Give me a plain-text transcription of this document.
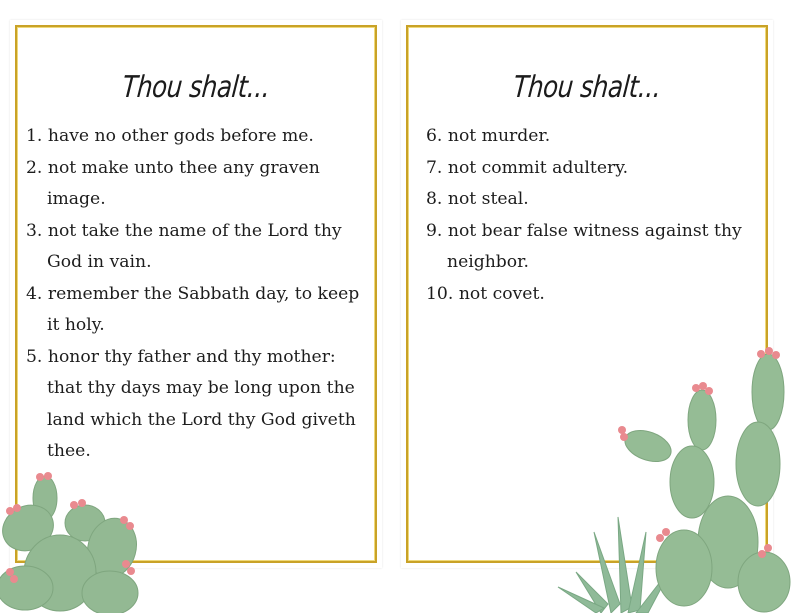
Thou shalt...
1. have no other gods before me.
2. not make unto thee any graven image.
3. not take the name of the Lord thy God in vain.
4. remember the Sabbath day, to keep it holy.
5. honor thy father and thy mother: that thy days may be long upon the land which the Lord thy God giveth thee.
Thou shalt...
6. not murder.
7. not commit adultery.
8. not steal.
9. not bear false witness against thy neighbor.
10. not covet.
